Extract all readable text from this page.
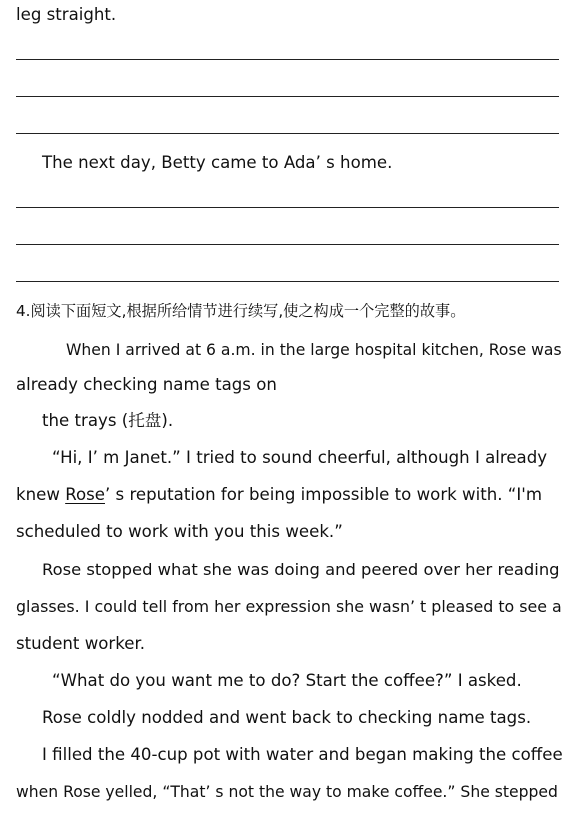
leg straight.

The next day, Betty came to Ada’ s home.

4.阅读下面短文,根据所给情节进行续写,使之构成一个完整的故事。

When I arrived at 6 a.m. in the large hospital kitchen, Rose was

already checking name tags on

the trays (托盘).

“Hi, I’ m Janet.” I tried to sound cheerful, although I already

knew Rose’ s reputation for being impossible to work with. “I'm

scheduled to work with you this week.”

Rose stopped what she was doing and peered over her reading

glasses. I could tell from her expression she wasn’ t pleased to see a

student worker.

“What do you want me to do? Start the coffee?” I asked.

Rose coldly nodded and went back to checking name tags.

I filled the 40-cup pot with water and began making the coffee

when Rose yelled, “That’ s not the way to make coffee.” She stepped
